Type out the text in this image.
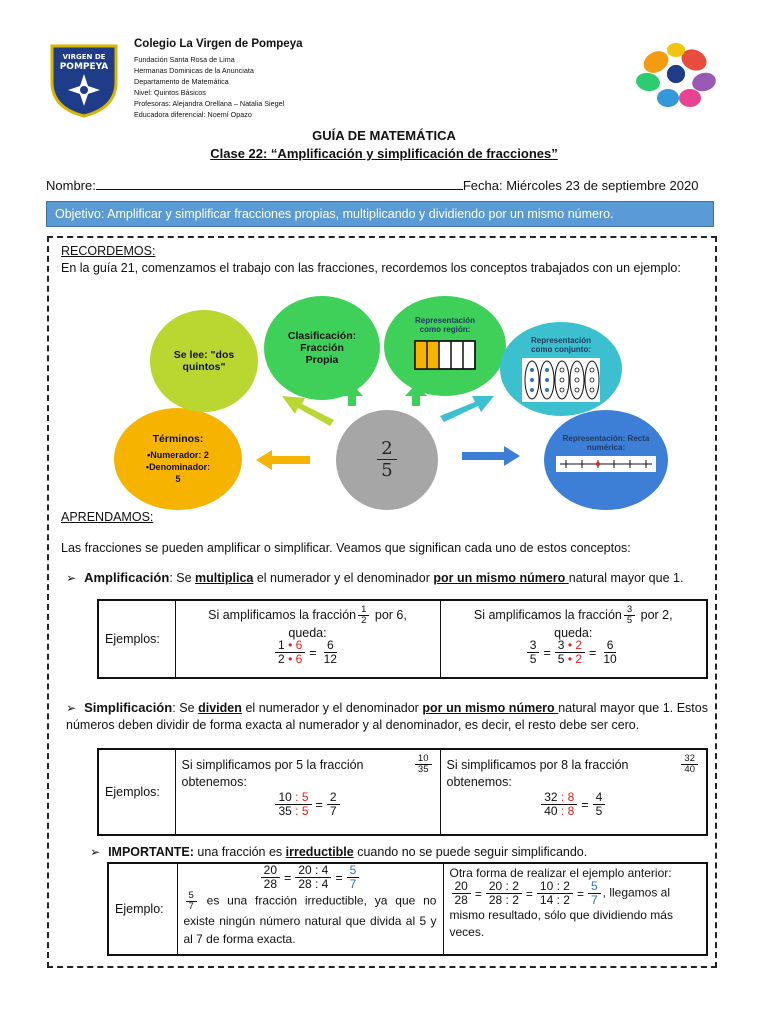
VIRGEN DE
POMPEYA
Colegio La Virgen de Pompeya
Fundación Santa Rosa de Lima
Hermanas Dominicas de la Anunciata
Departamento de Matemática
Nivel: Quintos Básicos
Profesoras: Alejandra Orellana – Natalia Siegel
Educadora diferencial: Noemí Opazo
GUÍA DE MATEMÁTICA
Clase 22: “Amplificación y simplificación de fracciones”
Nombre:	Fecha: Miércoles 23 de septiembre 2020
Objetivo: Amplificar y simplificar fracciones propias, multiplicando y dividiendo por un mismo número.
RECORDEMOS:
En la guía 21, comenzamos el trabajo con las fracciones, recordemos los conceptos trabajados con un ejemplo:
Términos:
•Numerador: 2
•Denominador:
5
Se lee: "dos quintos"
Clasificación: Fracción Propia
Representación como región:
Representación como conjunto:
Representación: Recta numérica:
$\frac{2}{5}$
APRENDAMOS:
Las fracciones se pueden amplificar o simplificar. Veamos que significan cada uno de estos conceptos:
➢ Amplificación: Se multiplica el numerador y el denominador por un mismo número natural mayor que 1.
Ejemplos:	
Si amplificamos la fracción $\frac{1}{2}$ por 6,
queda:
$\frac{1 • 6}{2 • 6} = \frac{6}{12}$

Si amplificamos la fracción $\frac{3}{5}$ por 2,
queda:
$\frac{3}{5} = \frac{3 • 2}{5 • 2} = \frac{6}{10}$
➢ Simplificación: Se dividen el numerador y el denominador por un mismo número natural mayor que 1. Estos números deben dividir de forma exacta al numerador y al denominador, es decir, el resto debe ser cero.
Ejemplos:	
Si simplificamos por 5 la fracción	$\frac{10}{35}$
obtenemos:
$\frac{10 : 5}{35 : 5} = \frac{2}{7}$

Si simplificamos por 8 la fracción	$\frac{32}{40}$
obtenemos:
$\frac{32 : 8}{40 : 8} = \frac{4}{5}$
➢ IMPORTANTE: una fracción es irreductible cuando no se puede seguir simplificando.
Ejemplo:	
$\frac{20}{28} = \frac{20 : 4}{28 : 4} = \frac{5}{7}$
$\frac{5}{7}$ es una fracción irreductible, ya que no existe ningún número natural que divida al 5 y al 7 de forma exacta.

Otra forma de realizar el ejemplo anterior:
$\frac{20}{28} = \frac{20 : 2}{28 : 2} = \frac{10 : 2}{14 : 2} = \frac{5}{7}$ , llegamos al
mismo resultado, sólo que dividiendo más veces.
